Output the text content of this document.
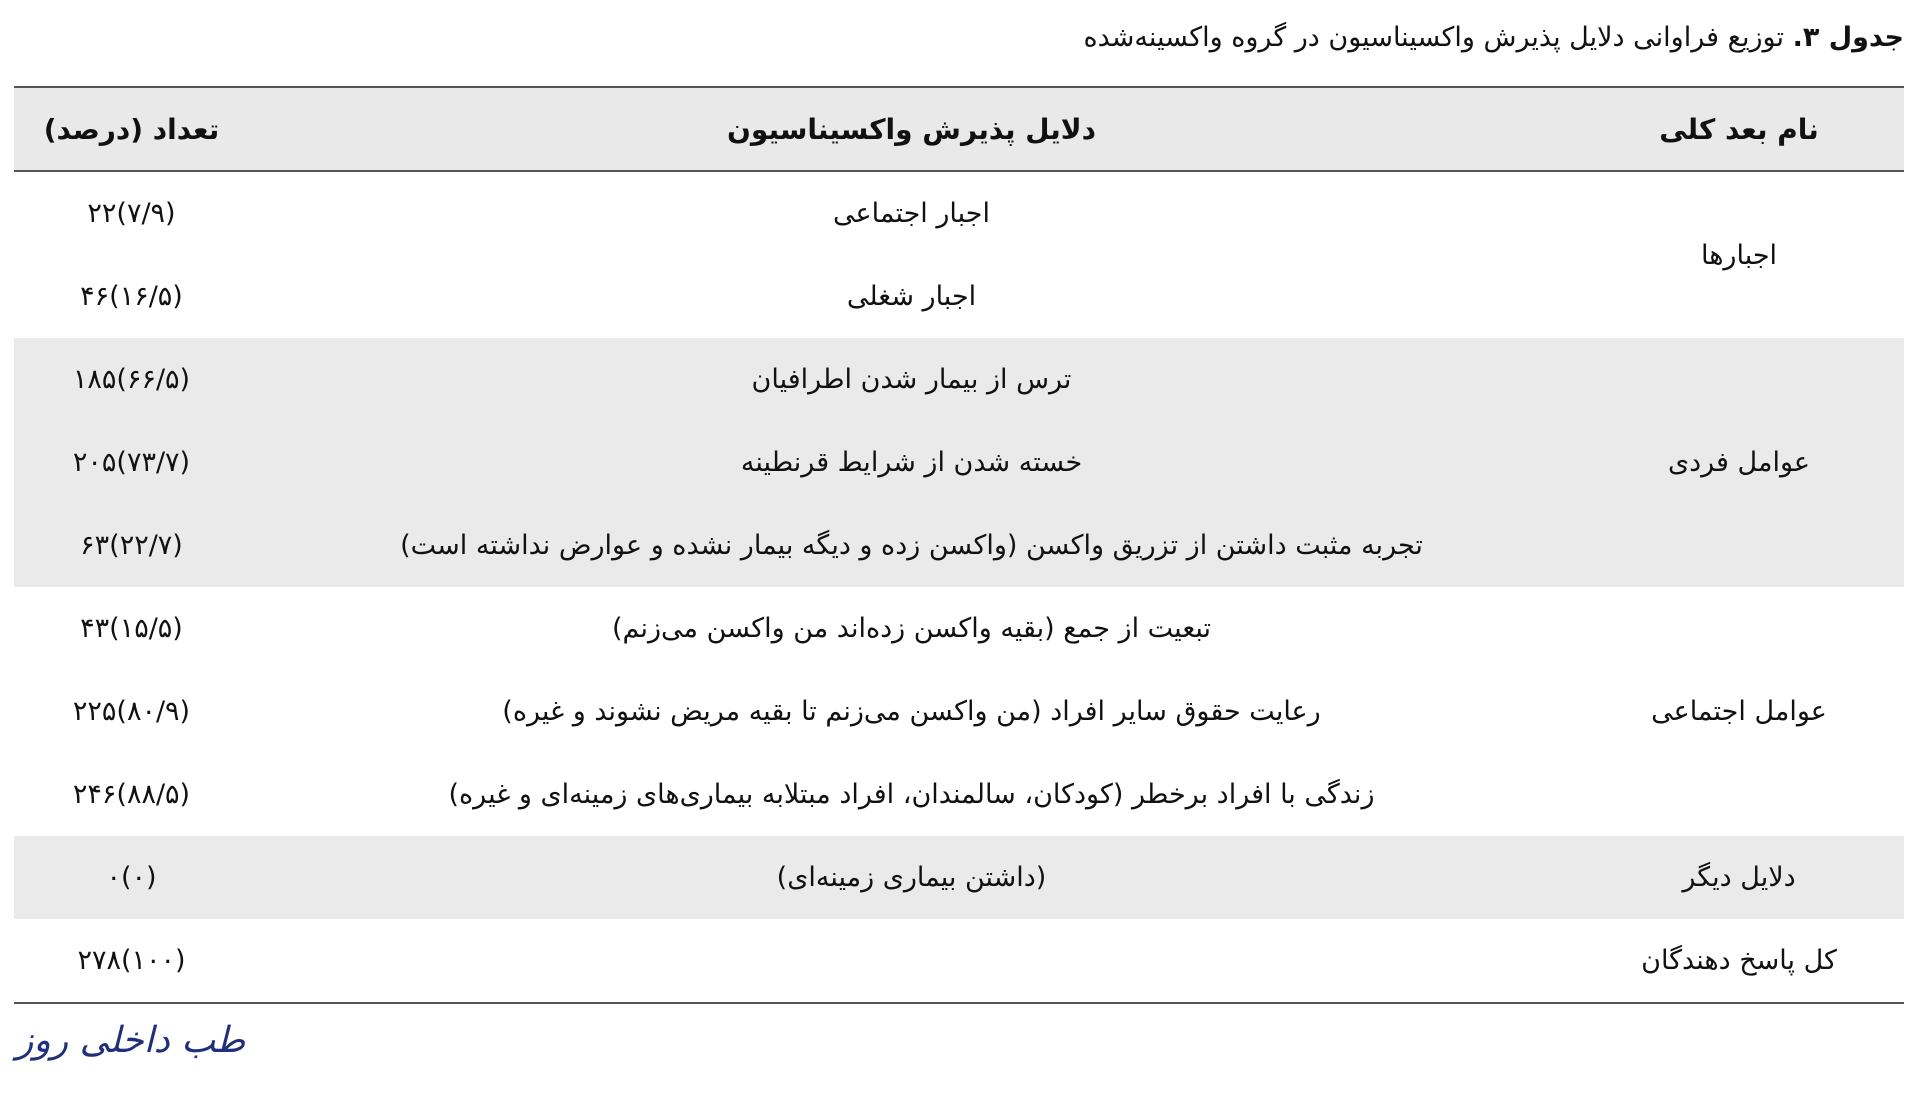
جدول ۳. توزیع فراوانی دلایل پذیرش واکسیناسیون در گروه واکسینه‌شده
نام بعد کلی
دلایل پذیرش واکسیناسیون
تعداد (درصد)
اجبارها
اجبار اجتماعی
۲۲(۷/۹)
اجبار شغلی
۴۶(۱۶/۵)
عوامل فردی
ترس از بیمار شدن اطرافیان
۱۸۵(۶۶/۵)
خسته شدن از شرایط قرنطینه
۲۰۵(۷۳/۷)
تجربه مثبت داشتن از تزریق واکسن (واکسن زده و دیگه بیمار نشده و عوارض نداشته است)
۶۳(۲۲/۷)
عوامل اجتماعی
تبعیت از جمع (بقیه واکسن زده‌اند من واکسن می‌زنم)
۴۳(۱۵/۵)
رعایت حقوق سایر افراد (من واکسن می‌زنم تا بقیه مریض نشوند و غیره)
۲۲۵(۸۰/۹)
زندگی با افراد برخطر (کودکان، سالمندان، افراد مبتلابه بیماری‌های زمینه‌ای و غیره)
۲۴۶(۸۸/۵)
دلایل دیگر
(داشتن بیماری زمینه‌ای)
۰(۰)
کل پاسخ دهندگان
۲۷۸(۱۰۰)
طب داخلی روز
